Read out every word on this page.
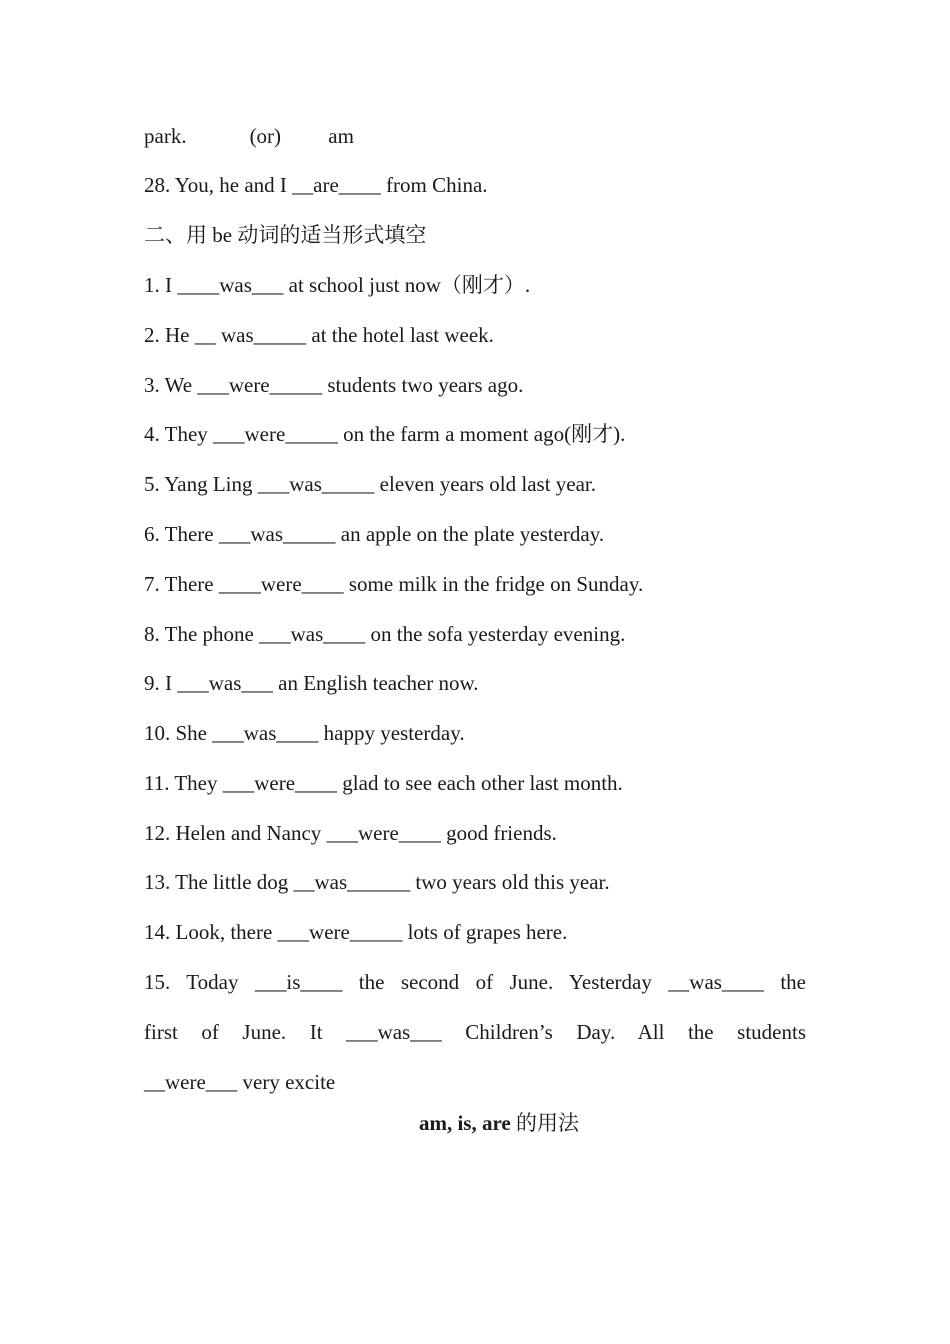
park.            (or)         am
28. You, he and I __are____ from China.
二、用 be 动词的适当形式填空
1. I ____was___ at school just now（刚才）.
2. He __ was_____ at the hotel last week.
3. We ___were_____ students two years ago.
4. They ___were_____ on the farm a moment ago(刚才).
5. Yang Ling ___was_____ eleven years old last year.
6. There ___was_____ an apple on the plate yesterday.
7. There ____were____ some milk in the fridge on Sunday.
8. The phone ___was____ on the sofa yesterday evening.
9. I ___was___ an English teacher now.
10. She ___was____ happy yesterday.
11. They ___were____ glad to see each other last month.
12. Helen and Nancy ___were____ good friends.
13. The little dog __was______ two years old this year.
14. Look, there ___were_____ lots of grapes here.
15. Today ___is____ the second of June. Yesterday __was____ the
first of June. It ___was___ Children’s Day. All the students
__were___ very excite
am, is, are 的用法
